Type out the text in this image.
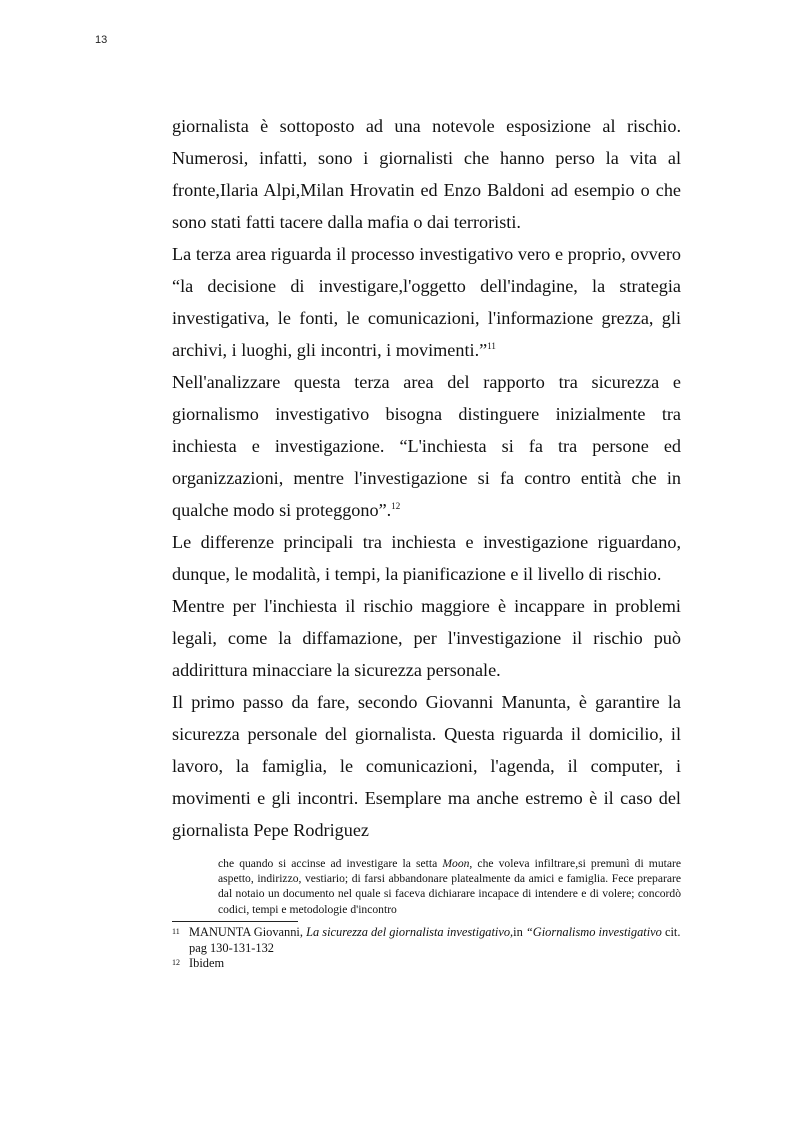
13

giornalista è sottoposto ad una notevole esposizione al rischio. Numerosi, infatti, sono i giornalisti che hanno perso la vita al fronte,Ilaria Alpi,Milan Hrovatin ed Enzo Baldoni ad esempio o che sono stati fatti tacere dalla mafia o dai terroristi.

La terza area riguarda il processo investigativo vero e proprio, ovvero “la decisione di investigare,l'oggetto dell'indagine, la strategia investigativa, le fonti, le comunicazioni, l'informazione grezza, gli archivi, i luoghi, gli incontri, i movimenti.”$^{11}$

Nell'analizzare questa terza area del rapporto tra sicurezza e giornalismo investigativo bisogna distinguere inizialmente tra inchiesta e investigazione. “L'inchiesta si fa tra persone ed organizzazioni, mentre l'investigazione si fa contro entità che in qualche modo si proteggono”.$^{12}$

Le differenze principali tra inchiesta e investigazione riguardano, dunque, le modalità, i tempi, la pianificazione e il livello di rischio.

Mentre per l'inchiesta il rischio maggiore è incappare in problemi legali, come la diffamazione, per l'investigazione il rischio può addirittura minacciare la sicurezza personale.

Il primo passo da fare, secondo Giovanni Manunta, è garantire la sicurezza personale del giornalista. Questa riguarda il domicilio, il lavoro, la famiglia, le comunicazioni, l'agenda, il computer, i movimenti e gli incontri. Esemplare ma anche estremo è il caso del giornalista Pepe Rodriguez

che quando si accinse ad investigare la setta Moon, che voleva infiltrare,si premunì di mutare aspetto, indirizzo, vestiario; di farsi abbandonare platealmente da amici e famiglia. Fece preparare dal notaio un documento nel quale si faceva dichiarare incapace di intendere e di volere; concordò codici, tempi e metodologie d'incontro

11 MANUNTA Giovanni, La sicurezza del giornalista investigativo,in “Giornalismo investigativo cit. pag 130-131-132
12 Ibidem
